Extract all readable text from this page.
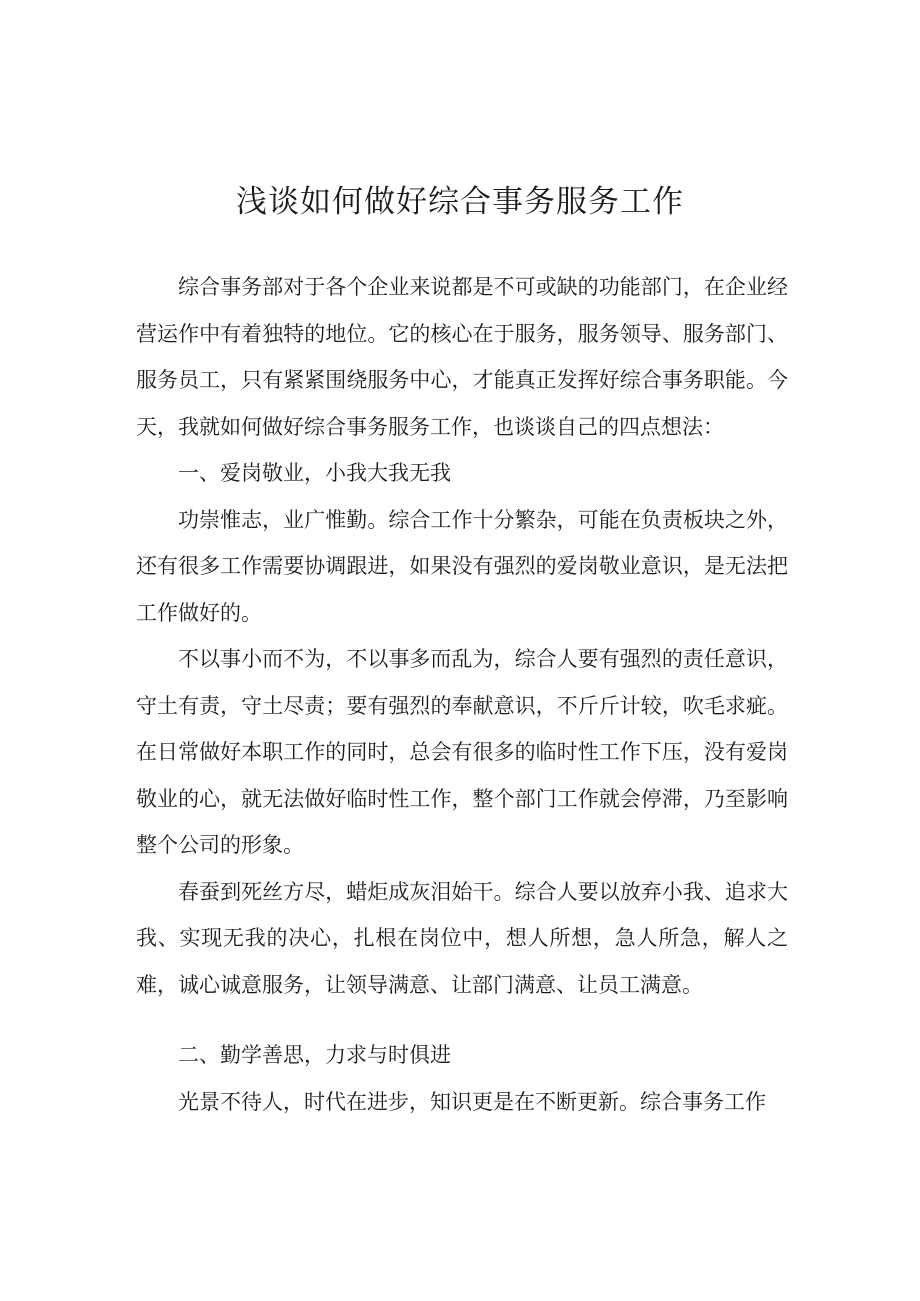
浅谈如何做好综合事务服务工作

综合事务部对于各个企业来说都是不可或缺的功能部门，在企业经营运作中有着独特的地位。它的核心在于服务，服务领导、服务部门、服务员工，只有紧紧围绕服务中心，才能真正发挥好综合事务职能。今天，我就如何做好综合事务服务工作，也谈谈自己的四点想法：

一、爱岗敬业，小我大我无我

功崇惟志，业广惟勤。综合工作十分繁杂，可能在负责板块之外，还有很多工作需要协调跟进，如果没有强烈的爱岗敬业意识，是无法把工作做好的。

不以事小而不为，不以事多而乱为，综合人要有强烈的责任意识，守土有责，守土尽责；要有强烈的奉献意识，不斤斤计较，吹毛求疵。在日常做好本职工作的同时，总会有很多的临时性工作下压，没有爱岗敬业的心，就无法做好临时性工作，整个部门工作就会停滞，乃至影响整个公司的形象。

春蚕到死丝方尽，蜡炬成灰泪始干。综合人要以放弃小我、追求大我、实现无我的决心，扎根在岗位中，想人所想，急人所急，解人之难，诚心诚意服务，让领导满意、让部门满意、让员工满意。

二、勤学善思，力求与时俱进

光景不待人，时代在进步，知识更是在不断更新。综合事务工作
